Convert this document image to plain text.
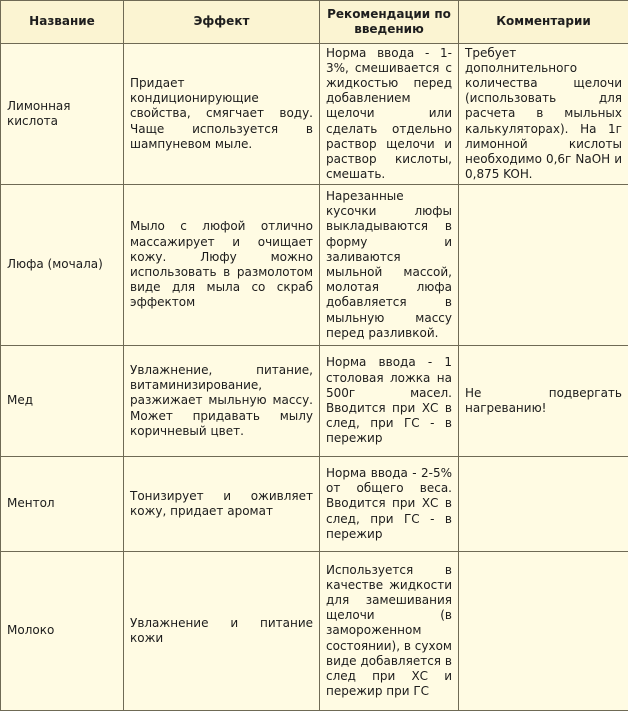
Название	Эффект	Рекомендации по введению	Комментарии
Лимонная кислота	Придает кондиционирующие свойства, смягчает воду. Чаще используется в шампуневом мыле.	Норма ввода - 1-3%, смешивается с жидкостью перед добавлением щелочи или сделать отдельно раствор щелочи и раствор кислоты, смешать.	Требует дополнительного количества щелочи (использовать для расчета в мыльных калькуляторах). На 1г лимонной кислоты необходимо 0,6г NaOH и 0,875 KOH.
Люфа (мочала)	Мыло с люфой отлично массажирует и очищает кожу. Люфу можно использовать в размолотом виде для мыла со скраб эффектом	Нарезанные кусочки люфы выкладываются в форму и заливаются мыльной массой, молотая люфа добавляется в мыльную массу перед разливкой.	
Мед	Увлажнение, питание, витаминизирование, разжижает мыльную массу. Может придавать мылу коричневый цвет.	Норма ввода - 1 столовая ложка на 500г масел. Вводится при ХС в след, при ГС - в пережир	Не подвергать нагреванию!
Ментол	Тонизирует и оживляет кожу, придает аромат	Норма ввода - 2-5% от общего веса. Вводится при ХС в след, при ГС - в пережир	
Молоко	Увлажнение и питание кожи	Используется в качестве жидкости для замешивания щелочи (в замороженном состоянии), в сухом виде добавляется в след при ХС и пережир при ГС	
